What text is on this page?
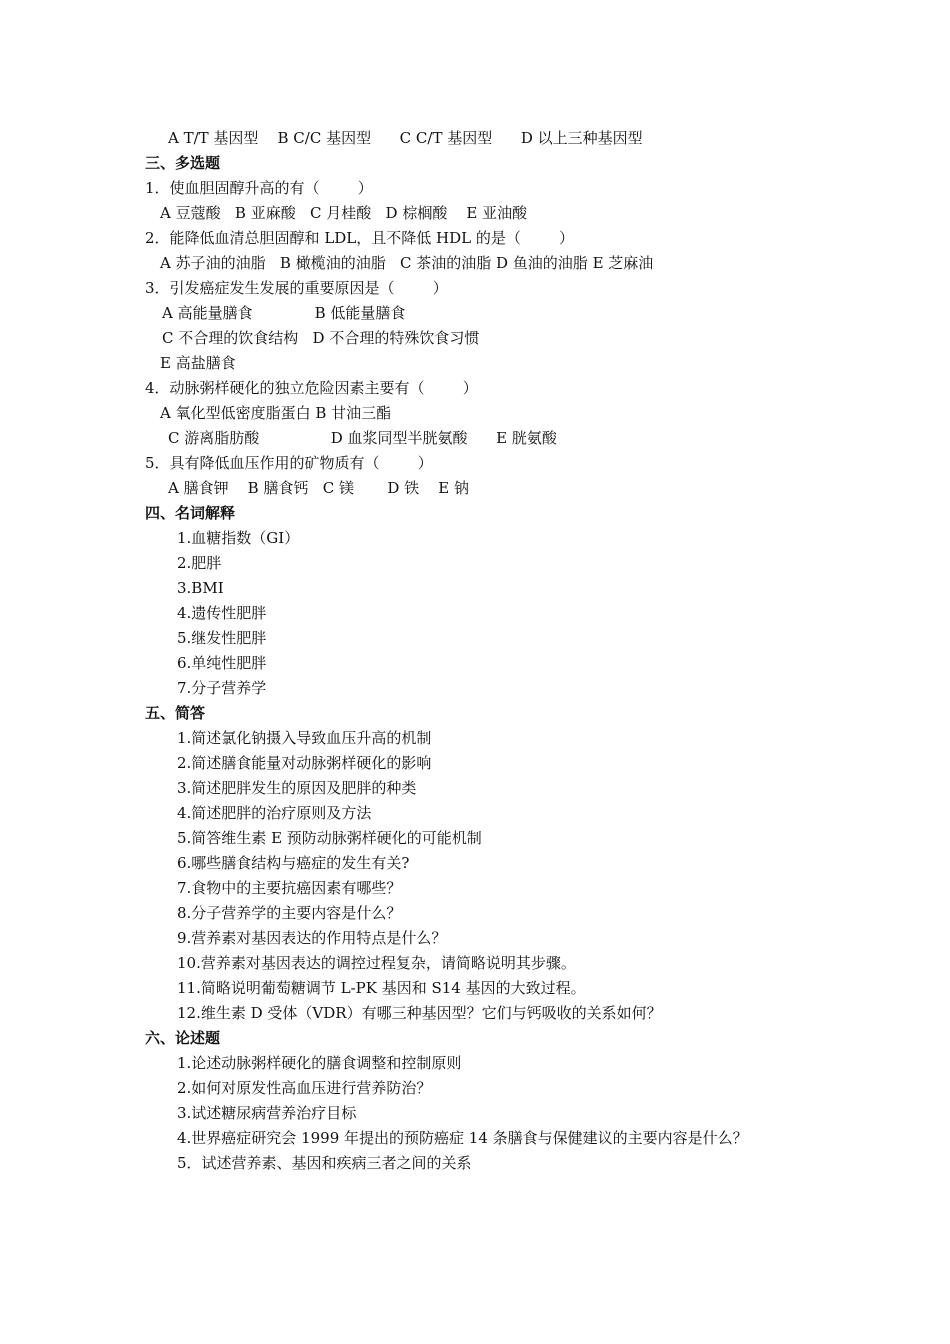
A T/T 基因型    B C/C 基因型      C C/T 基因型      D 以上三种基因型
三、多选题
1．使血胆固醇升高的有（        ）
A 豆蔻酸   B 亚麻酸   C 月桂酸   D 棕榈酸    E 亚油酸
2．能降低血清总胆固醇和 LDL，且不降低 HDL 的是（        ）
A 苏子油的油脂   B 橄榄油的油脂   C 茶油的油脂 D 鱼油的油脂 E 芝麻油
3．引发癌症发生发展的重要原因是（        ）
A 高能量膳食             B 低能量膳食
C 不合理的饮食结构   D 不合理的特殊饮食习惯
E 高盐膳食
4．动脉粥样硬化的独立危险因素主要有（        ）
A 氧化型低密度脂蛋白 B 甘油三酯
C 游离脂肪酸               D 血浆同型半胱氨酸      E 胱氨酸
5．具有降低血压作用的矿物质有（        ）
A 膳食钾    B 膳食钙   C 镁       D 铁    E 钠
四、名词解释
1.血糖指数（GI）
2.肥胖
3.BMI
4.遗传性肥胖
5.继发性肥胖
6.单纯性肥胖
7.分子营养学
五、简答
1.简述氯化钠摄入导致血压升高的机制
2.简述膳食能量对动脉粥样硬化的影响
3.简述肥胖发生的原因及肥胖的种类
4.简述肥胖的治疗原则及方法
5.简答维生素 E 预防动脉粥样硬化的可能机制
6.哪些膳食结构与癌症的发生有关?
7.食物中的主要抗癌因素有哪些？
8.分子营养学的主要内容是什么？
9.营养素对基因表达的作用特点是什么？
10.营养素对基因表达的调控过程复杂，请简略说明其步骤。
11.简略说明葡萄糖调节 L-PK 基因和 S14 基因的大致过程。
12.维生素 D 受体（VDR）有哪三种基因型？它们与钙吸收的关系如何？
六、论述题
1.论述动脉粥样硬化的膳食调整和控制原则
2.如何对原发性高血压进行营养防治？
3.试述糖尿病营养治疗目标
4.世界癌症研究会 1999 年提出的预防癌症 14 条膳食与保健建议的主要内容是什么？
5．试述营养素、基因和疾病三者之间的关系
